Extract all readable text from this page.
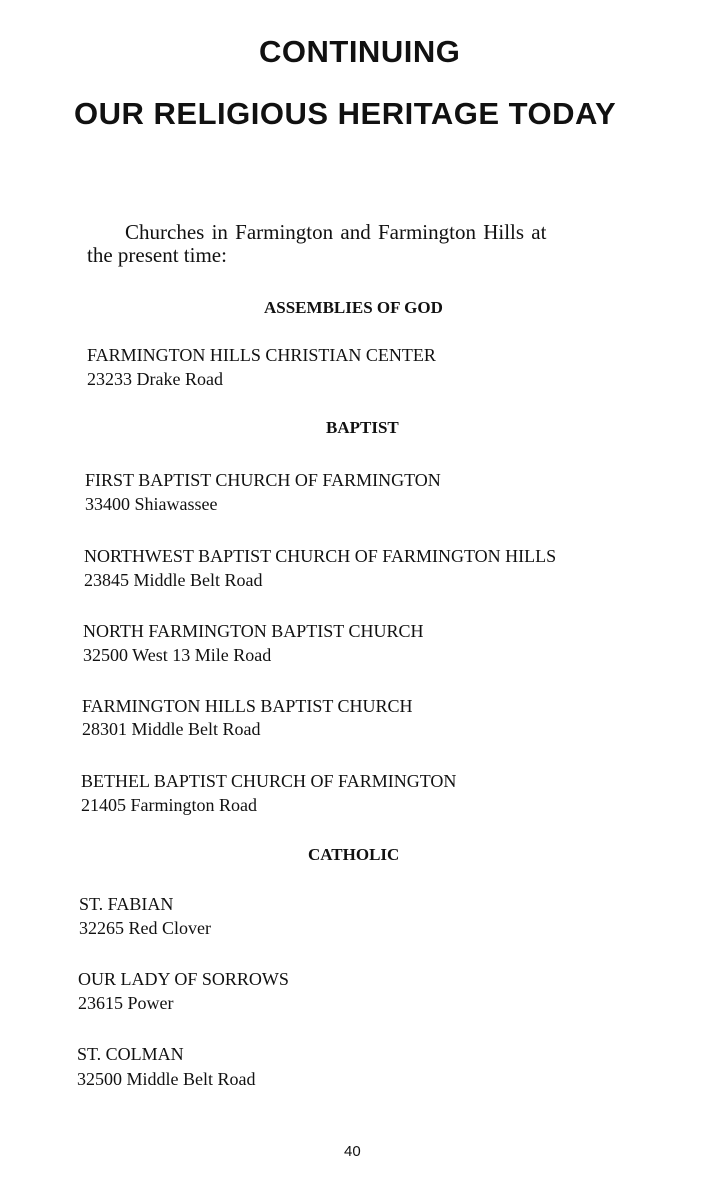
CONTINUING
OUR RELIGIOUS HERITAGE TODAY
Churches in Farmington and Farmington Hills at
the present time:
ASSEMBLIES OF GOD
FARMINGTON HILLS CHRISTIAN CENTER
23233 Drake Road
BAPTIST
FIRST BAPTIST CHURCH OF FARMINGTON
33400 Shiawassee
NORTHWEST BAPTIST CHURCH OF FARMINGTON HILLS
23845 Middle Belt Road
NORTH FARMINGTON BAPTIST CHURCH
32500 West 13 Mile Road
FARMINGTON HILLS BAPTIST CHURCH
28301 Middle Belt Road
BETHEL BAPTIST CHURCH OF FARMINGTON
21405 Farmington Road
CATHOLIC
ST. FABIAN
32265 Red Clover
OUR LADY OF SORROWS
23615 Power
ST. COLMAN
32500 Middle Belt Road
40
